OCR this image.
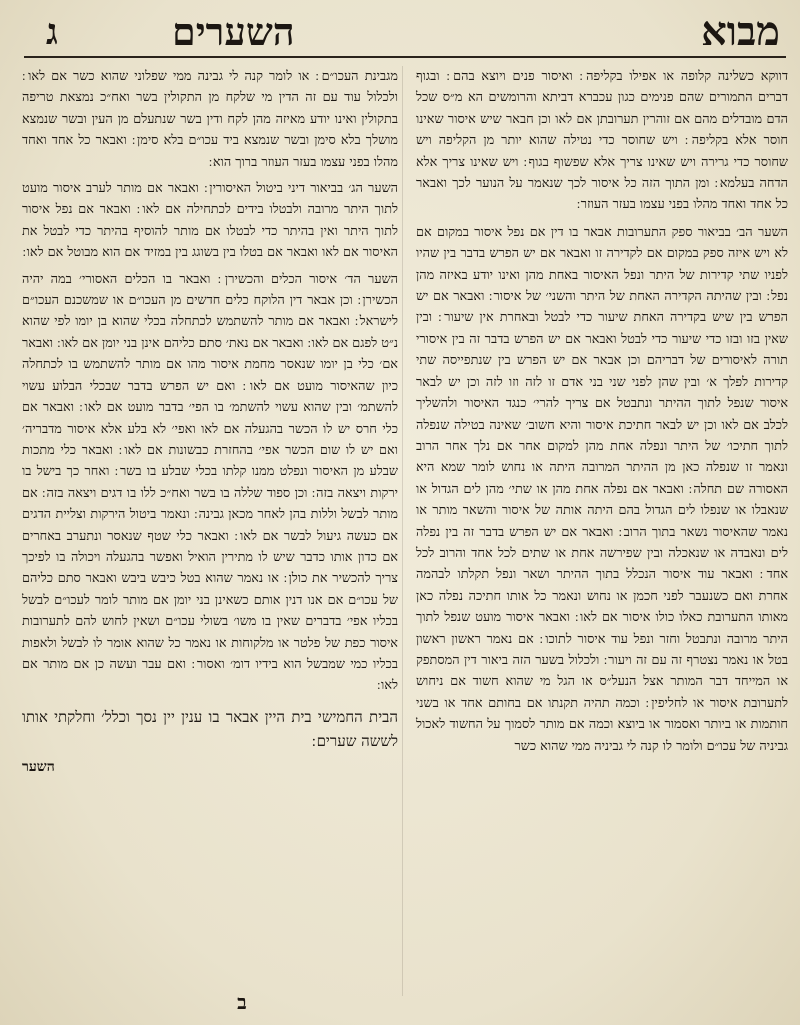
מבוא
השערים
ג

דווקא כשלינה קלופה או אפילו בקליפה ׃ ואיסור פנים ויוצא בהם ׃ ובגוף דברים התמורים שהם פנימים כגון עכברא דביתא והרומשים הא מ״ס שכל הדם מובדלים מהם אם זוהרין תערובתן אם לאו וכן חבאר שיש איסור שאינו חוסר אלא בקליפה ׃ ויש שחוסר כדי נטילה שהוא יותר מן הקליפה ויש שחוסר כדי גרירה ויש שאינו צריך אלא שפשוף בגוף ׃ ויש שאינו צריך אלא הדחה בעלמא ׃ ומן התוך הזה כל איסור לכך שנאמר על הנוער לכך ואבאר כל אחד ואחד מהלו בפני עצמו בעזר העוזר ׃

השער הב׳ בביאור ספק התערובות אבאר בו דין אם נפל איסור במקום אם לא ויש איזה ספק במקום אם לקדירה זו ואבאר אם יש הפרש בדבר בין שהיו לפניו שתי קדירות של היתר ונפל האיסור באחת מהן ואינו יודע באיזה מהן נפל ׃ ובין שהיתה הקדירה האחת של היתר והשני׳ של איסור ׃ ואבאר אם יש הפרש בין שיש בקדירה האחת שיעור כדי לבטל ובאחרת אין שיעור ׃ ובין שאין בזו ובזו כדי שיעור כדי לבטל ואבאר אם יש הפרש בדבר זה בין איסורי תורה לאיסורים של דבריהם וכן אבאר אם יש הפרש בין שנתפייסה שתי קדירות לפלך א׳ ובין שהן לפני שני בני אדם זו לזה וזו לזה וכן יש לבאר איסור שנפל לתוך ההיתר ונתבטל אם צריך להרי׳ כנגד האיסור ולהשליך לכלב אם לאו וכן יש לבאר חתיכת איסור והיא חשוב׳ שאינה בטילה שנפלה לתוך חתיכו׳ של היתר ונפלה אחת מהן למקום אחר אם נלך אחר הרוב ונאמר זו שנפלה כאן מן ההיתר המרובה היתה או נחוש לומר שמא היא האסורה שם תחלה ׃ ואבאר אם נפלה אחת מהן או שתי׳ מהן לים הגדול או שנאבלו או שנפלו לים הגדול בהם היתה אותה של איסור והשאר מותר או נאמר שהאיסור נשאר בתוך הרוב ׃ ואבאר אם יש הפרש בדבר זה בין נפלה לים ונאבדה או שנאכלה ובין שפירשה אחת או שתים לכל אחד והרוב לכל אחד ׃ ואבאר עוד איסור הנכלל בתוך ההיתר ושאר ונפל תקלתו לבהמה אחרת ואם כשנעבר לפני חכמן או נחוש ונאמר כל אותו חתיכה נפלה כאן מאותו התערובת כאלו כולו איסור אם לאו ׃ ואבאר איסור מועט שנפל לתוך היתר מרובה ונתבטל וחזר ונפל עוד איסור לתוכו ׃ אם נאמר ראשון ראשון בטל או נאמר נצטרף זה עם זה ויעור ׃ ולכלול בשער הזה ביאור דין המסתפק או המייחד דבר המותר אצל הנעל״ס או הגל מי שהוא חשוד אם ניחוש לתערובת איסור או לחליפין ׃ וכמה תהיה תקנתו אם בחותם אחד או בשני חותמות או ביותר ואסמור או ביוצא וכמה אם מותר לסמוך על החשוד לאכול גביניה של עכו״ם ולומר לו קנה לי גביניה ממי שהוא כשר

מגבינת העכו״ם ׃ או לומר קנה לי גבינה ממי שפלוני שהוא כשר אם לאו ׃ ולכלול עוד עם זה הדין מי שלקח מן התקולין בשר ואח״כ נמצאת טריפה בתקולין ואינו יודע מאיזה מהן לקח ודין בשר שנתעלם מן העין ובשר שנמצא מושלך בלא סימן ובשר שנמצא ביד עכו״ם בלא סימן ׃ ואבאר כל אחד ואחד מהלו בפני עצמו בעזר העוזר ברוך הוא ׃

השער הג׳ בביאור דיני ביטול האיסורין ׃ ואבאר אם מותר לערב איסור מועט לתוך היתר מרובה ולבטלו בידים לכתחילה אם לאו ׃ ואבאר אם נפל איסור לתוך היתר ואין בהיתר כדי לבטלו אם מותר להוסיף בהיתר כדי לבטל את האיסור אם לאו ואבאר אם בטלו בין בשוגג בין במזיד אם הוא מבוטל אם לאו ׃

השער הד׳ איסור הכלים והכשירן ׃ ואבאר בו הכלים האסורי׳ במה יהיה הכשירן ׃ וכן אבאר דין הלוקח כלים חדשים מן העכו״ם או שמשכנם העכו״ם לישראל ׃ ואבאר אם מותר להשתמש לכתחלה בכלי שהוא בן יומו לפי שהוא נ״ט לפגם אם לאו ׃ ואבאר אם נאת׳ סתם כליהם אינן בני יומן אם לאו ׃ ואבאר אם׳ כלי בן יומו שנאסר מחמת איסור מהו אם מותר להשתמש בו לכתחלה כיון שהאיסור מועט אם לאו ׃ ואם יש הפרש בדבר שבכלי הבלוע עשוי להשתמ׳ ובין שהוא עשוי להשתמ׳ בו הפי׳ בדבר מועט אם לאו ׃ ואבאר אם כלי חרס יש לו הכשר בהגעלה אם לאו ואפי׳ לא בלע אלא איסור מדבריה׳ ואם יש לו שום הכשר אפי׳ בהחזרת כבשונות אם לאו ׃ ואבאר כלי מתכות שבלע מן האיסור ונפלט ממנו קלתו בכלי שבלע בו בשר ׃ ואחר כך בישל בו ירקות ויצאה בזה ׃ וכן ספוד שללה בו בשר ואח״כ ללו בו דגים ויצאה בזה ׃ אם מותר לבשל וללות בהן לאחר מכאן גבינה ׃ ונאמר ביטול הירקות וצליית הדגים אם כעשה גיעול לבשר אם לאו ׃ ואבאר כלי שטף שנאסר ונתערב באחרים אם כדון אותו כדבר שיש לו מתירין הואיל ואפשר בהגעלה ויכולה בו לפיכך צריך להכשיר את כולן ׃ או נאמר שהוא בטל כיבש ביבש ואבאר סתם כליהם של עכו״ם אם אנו דנין אותם כשאינן בני יומן אם מותר לומר לעכו״ם לבשל בכליו אפי׳ בדברים שאין בו משו׳ בשולי עכו״ם ושאין לחוש להם לתערובות איסור כפת של פלטר או מלקוחות או נאמר כל שהוא אומר לו לבשל ולאפות בכליו כמי שמבשל הוא בידיו דומ׳ ואסור ׃ ואם עבר ועשה כן אם מותר אם לאו ׃

הבית החמישי בית היין אבאר בו ענין יין נסך וכלל׳ וחלקתי אותו לששה שערים ׃

השער
ב
